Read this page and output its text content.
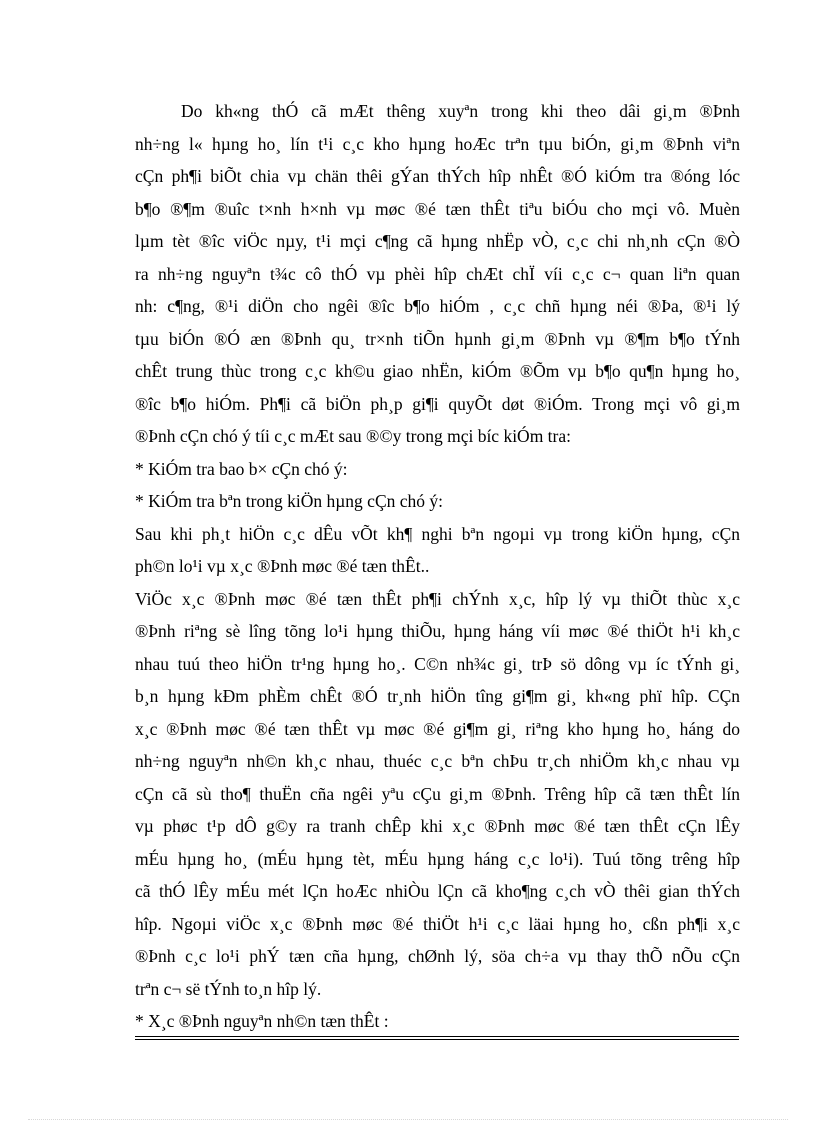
Do kh«ng thÓ cã mÆt thêng xuyªn trong khi theo dâi gi¸m ®Þnh
nh÷ng l« hµng ho¸ lín t¹i c¸c kho hµng hoÆc trªn tµu biÓn, gi¸m ®Þnh viªn
cÇn ph¶i biÕt chia vµ chän thêi gÝan thÝch hîp nhÊt ®Ó kiÓm tra ®óng lóc
b¶o ®¶m ®uîc t×nh h×nh vµ møc ®é tæn thÊt tiªu biÓu cho mçi vô. Muèn
lµm tèt ®îc viÖc nµy, t¹i mçi c¶ng cã hµng nhËp vÒ, c¸c chi nh¸nh cÇn ®Ò
ra nh÷ng nguyªn t¾c cô thÓ vµ phèi hîp chÆt chÏ víi c¸c c¬ quan liªn quan
nh: c¶ng, ®¹i diÖn cho ngêi ®îc b¶o hiÓm , c¸c chñ hµng néi ®Þa, ®¹i lý
tµu biÓn ®Ó æn ®Þnh qu¸ tr×nh tiÕn hµnh gi¸m ®Þnh vµ ®¶m b¶o tÝnh
chÊt trung thùc trong c¸c kh©u giao nhËn, kiÓm ®Õm vµ b¶o qu¶n hµng ho¸
®îc b¶o hiÓm. Ph¶i cã biÖn ph¸p gi¶i quyÕt døt ®iÓm. Trong mçi vô gi¸m
®Þnh cÇn chó ý tíi c¸c mÆt sau ®©y trong mçi bíc kiÓm tra:
* KiÓm tra bao b× cÇn chó ý:
* KiÓm tra bªn trong kiÖn hµng cÇn chó ý:
Sau khi ph¸t hiÖn c¸c dÊu vÕt kh¶ nghi bªn ngoµi vµ trong kiÖn hµng, cÇn
ph©n lo¹i vµ x¸c ®Þnh møc ®é tæn thÊt..
ViÖc x¸c ®Þnh møc ®é tæn thÊt ph¶i chÝnh x¸c, hîp lý vµ thiÕt thùc x¸c
®Þnh riªng sè lîng tõng lo¹i hµng thiÕu, hµng háng víi møc ®é thiÖt h¹i kh¸c
nhau tuú theo hiÖn tr¹ng hµng ho¸. C©n nh¾c gi¸ trÞ sö dông vµ íc tÝnh gi¸
b¸n hµng kÐm phÈm chÊt ®Ó tr¸nh hiÖn tîng gi¶m gi¸ kh«ng phï hîp. CÇn
x¸c ®Þnh møc ®é tæn thÊt vµ møc ®é gi¶m gi¸ riªng kho hµng ho¸ háng do
nh÷ng nguyªn nh©n kh¸c nhau, thuéc c¸c bªn chÞu tr¸ch nhiÖm kh¸c nhau vµ
cÇn cã sù tho¶ thuËn cña ngêi yªu cÇu gi¸m ®Þnh. Trêng hîp cã tæn thÊt lín
vµ phøc t¹p dÔ g©y ra tranh chÊp khi x¸c ®Þnh møc ®é tæn thÊt cÇn lÊy
mÉu hµng ho¸ (mÉu hµng tèt, mÉu hµng háng c¸c lo¹i). Tuú tõng trêng hîp
cã thÓ lÊy mÉu mét lÇn hoÆc nhiÒu lÇn cã kho¶ng c¸ch vÒ thêi gian thÝch
hîp. Ngoµi viÖc x¸c ®Þnh møc ®é thiÖt h¹i c¸c läai hµng ho¸ cßn ph¶i x¸c
®Þnh c¸c lo¹i phÝ tæn cña hµng, chØnh lý, söa ch÷a vµ thay thÕ nÕu cÇn
trªn c¬ së tÝnh to¸n hîp lý.
* X¸c ®Þnh nguyªn nh©n tæn thÊt :
